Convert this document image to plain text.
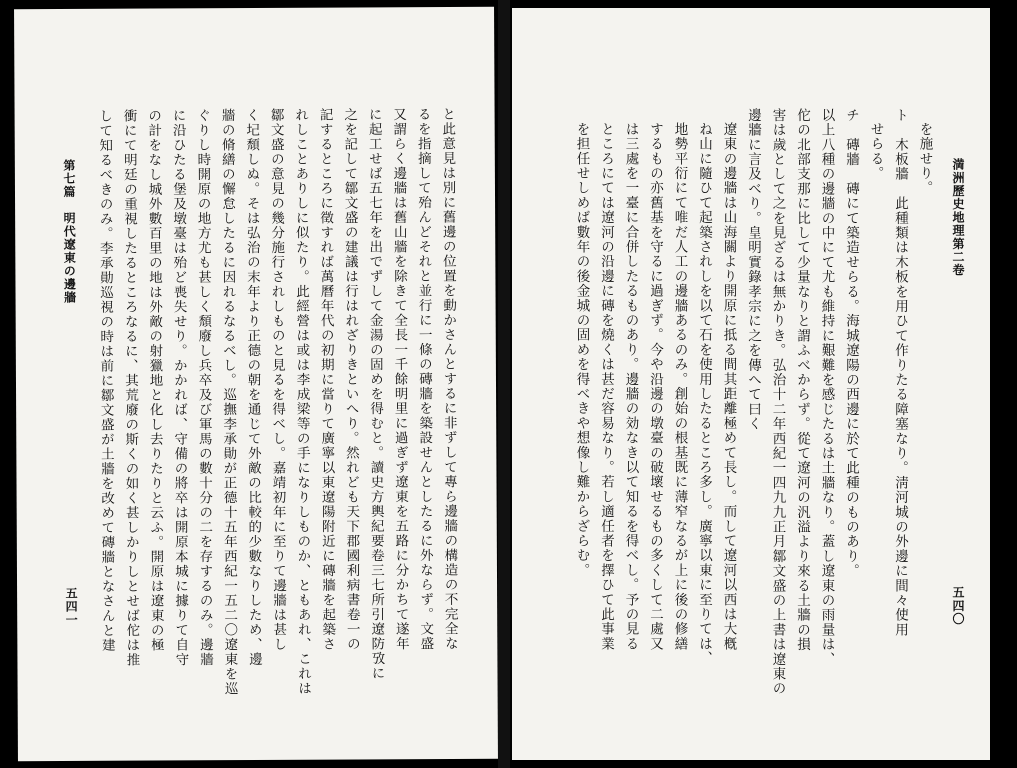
満洲歷史地理第二卷
五四〇
を施せり。
ト　木板牆　此種類は木板を用ひて作りたる障塞なり。淸河城の外邊に間々使用
せらる。
チ　磚牆　磚にて築造せらる。海城遼陽の西邊に於て此種のものあり。
以上八種の邊牆の中にて尤も維持に艱難を感じたるは土牆なり。蓋し遼東の雨量は、
佗の北部支那に比して少量なりと謂ふべからず。從て遼河の汎溢より來る土牆の損
害は歲として之を見ざるは無かりき。弘治十二年西紀一四九九正月鄒文盛の上書は遼東の
邊牆に言及べり。皇明實錄孝宗に之を傳へて曰く
遼東の邊牆は山海關より開原に抵る間其距離極めて長し。而して遼河以西は大槪
ね山に隨ひて起築されしを以て石を使用したるところ多し。廣寧以東に至りては、
地勢平衍にて唯だ人工の邊牆あるのみ。創始の根基既に薄窄なるが上に後の修繕
するもの亦舊基を守るに過ぎず。今や沿邊の墩臺の破壞せるもの多くして二處又
は三處を一臺に合併したるものあり。邊牆の効なき以て知るを得べし。予の見る
ところにては遼河の沿邊に磚を燒くは甚だ容易なり。若し適任者を擇ひて此事業
を担任せしめば數年の後金城の固めを得べきや想像し難からざらむ。
と此意見は別に舊邊の位置を動かさんとするに非ずして專ら邊牆の構造の不完全な
るを指摘して殆んどそれと並行に一條の磚牆を築設せんとしたるに外ならず。文盛
又謂らく邊牆は舊山牆を除きて全長一千餘明里に過ぎず遼東を五路に分かちて遂年
に起工せば五七年を出でずして金湯の固めを得むと。讀史方輿紀要卷三七所引遼防攷に
之を記して鄒文盛の建議は行はれざりきといへり。然れども天下郡國利病書卷一の
記するところに徵すれば萬曆年代の初期に當りて廣寧以東遼陽附近に磚牆を起築さ
れしことありしに似たり。此經營は或は李成梁等の手になりしものか、ともあれ、これは
鄒文盛の意見の幾分施行されしものと見るを得べし。嘉靖初年に至りて邊牆は甚し
く圮頹しぬ。そは弘治の末年より正德の朝を通じて外敵の比較的少數なりしため、邊
牆の脩繕の懈怠したるに因れるなるべし。巡撫李承勛が正德十五年西紀一五二〇遼東を巡
ぐりし時開原の地方尤も甚しく頹廢し兵卒及び軍馬の數十分の二を存するのみ。邊牆
に沿ひたる堡及墩臺は殆ど喪失せり。かかれば、守備の將卒は開原本城に據りて自守
の計をなし城外數百里の地は外敵の射獵地と化し去りたりと云ふ。開原は遼東の極
衝にて明廷の重視したるところなるに、其荒廢の斯くの如く甚しかりしとせば佗は推
して知るべきのみ。李承勛巡視の時は前に鄒文盛が土牆を改めて磚牆となさんと建
第七篇　明代遼東の邊牆
五四一
